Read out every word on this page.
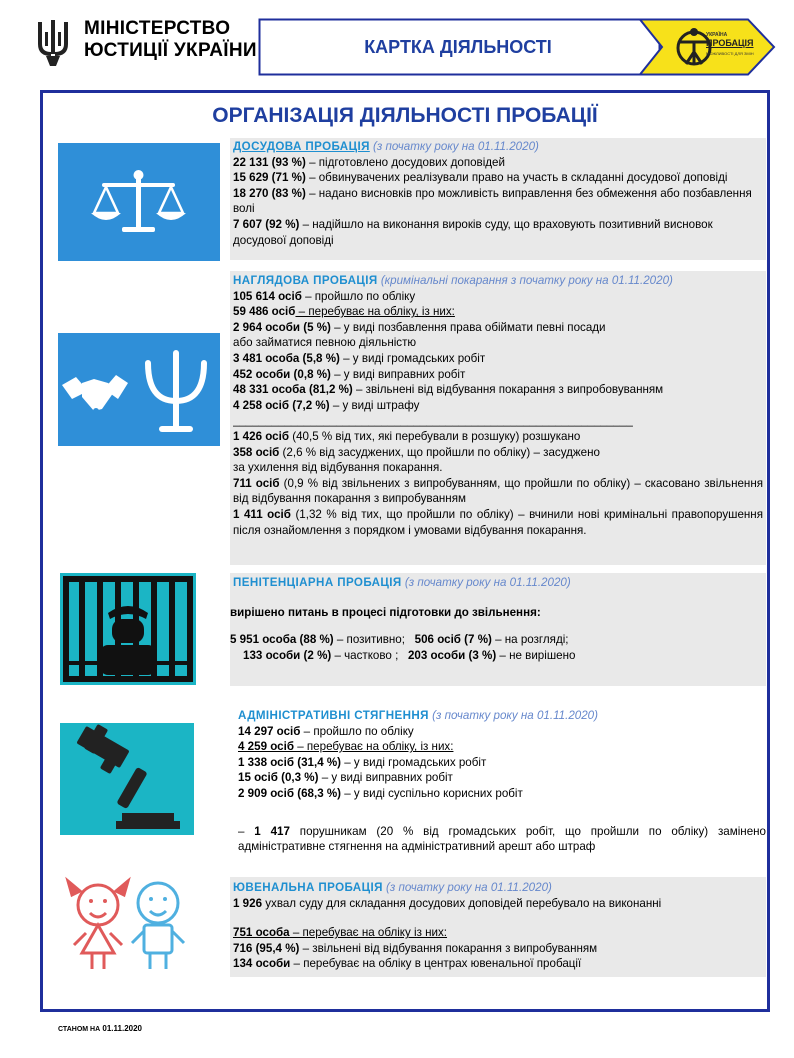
МІНІСТЕРСТВО
ЮСТИЦІЇ УКРАЇНИ	КАРТКА ДІЯЛЬНОСТІ
УКРАЇНА
ПРОБАЦІЯ
МОЖЛИВОСТІ ДЛЯ ЗМІН
ОРГАНІЗАЦІЯ ДІЯЛЬНОСТІ ПРОБАЦІЇ

ДОСУДОВА ПРОБАЦІЯ (з початку року на 01.11.2020)

22 131 (93 %) – підготовлено досудових доповідей

15 629 (71 %) – обвинувачених реалізували право на участь в складанні досудової доповіді

18 270 (83 %) – надано висновків про можливість виправлення без обмеження або позбавлення волі

7 607 (92 %) – надійшло на виконання вироків суду, що враховують позитивний висновок досудової доповіді

НАГЛЯДОВА ПРОБАЦІЯ (кримінальні покарання з початку року на 01.11.2020)

105 614 осіб – пройшло по обліку

59 486 осіб – перебуває на обліку, із них:

2 964 особи (5 %) – у виді позбавлення права обіймати певні посади

або займатися певною діяльністю

3 481 особа (5,8 %) – у виді громадських робіт

452 особи (0,8 %) – у виді виправних робіт

48 331 особа (81,2 %) – звільнені від відбування покарання з випробовуванням

4 258 осіб (7,2 %) – у виді штрафу

______________________________________________________________

1 426 осіб (40,5 % від тих, які перебували в розшуку) розшукано

358 осіб (2,6 % від засуджених, що пройшли по обліку) – засуджено

за ухилення від відбування покарання.

711 осіб (0,9 % від звільнених з випробуванням, що пройшли по обліку) – скасовано звільнення від відбування покарання з випробуванням

1 411 осіб (1,32 % від тих, що пройшли по обліку) – вчинили нові кримінальні правопорушення після ознайомлення з порядком і умовами відбування покарання.

ПЕНІТЕНЦІАРНА ПРОБАЦІЯ (з початку року на 01.11.2020)

вирішено питань в процесі підготовки до звільнення:

5 951 особа (88 %) – позитивно; 506 осіб (7 %) – на розгляді;

133 особи (2 %) – частково ;   203 особи (3 %) – не вирішено

АДМІНІСТРАТИВНІ СТЯГНЕННЯ (з початку року на 01.11.2020)

14 297 осіб – пройшло по обліку

4 259 осіб – перебуває на обліку, із них:

1 338 осіб (31,4 %) – у виді громадських робіт

15 осіб (0,3 %) – у виді виправних робіт

2 909 осіб (68,3 %) – у виді суспільно корисних робіт

– 1 417 порушникам (20 % від громадських робіт, що пройшли по обліку) замінено адміністративне стягнення на адміністративний арешт або штраф

ЮВЕНАЛЬНА ПРОБАЦІЯ (з початку року на 01.11.2020)

1 926 ухвал суду для складання досудових доповідей перебувало на виконанні

751 особа – перебуває на обліку із них:

716 (95,4 %) – звільнені від відбування покарання з випробуванням

134 особи – перебуває на обліку в центрах ювенальної пробації

СТАНОМ НА 01.11.2020
